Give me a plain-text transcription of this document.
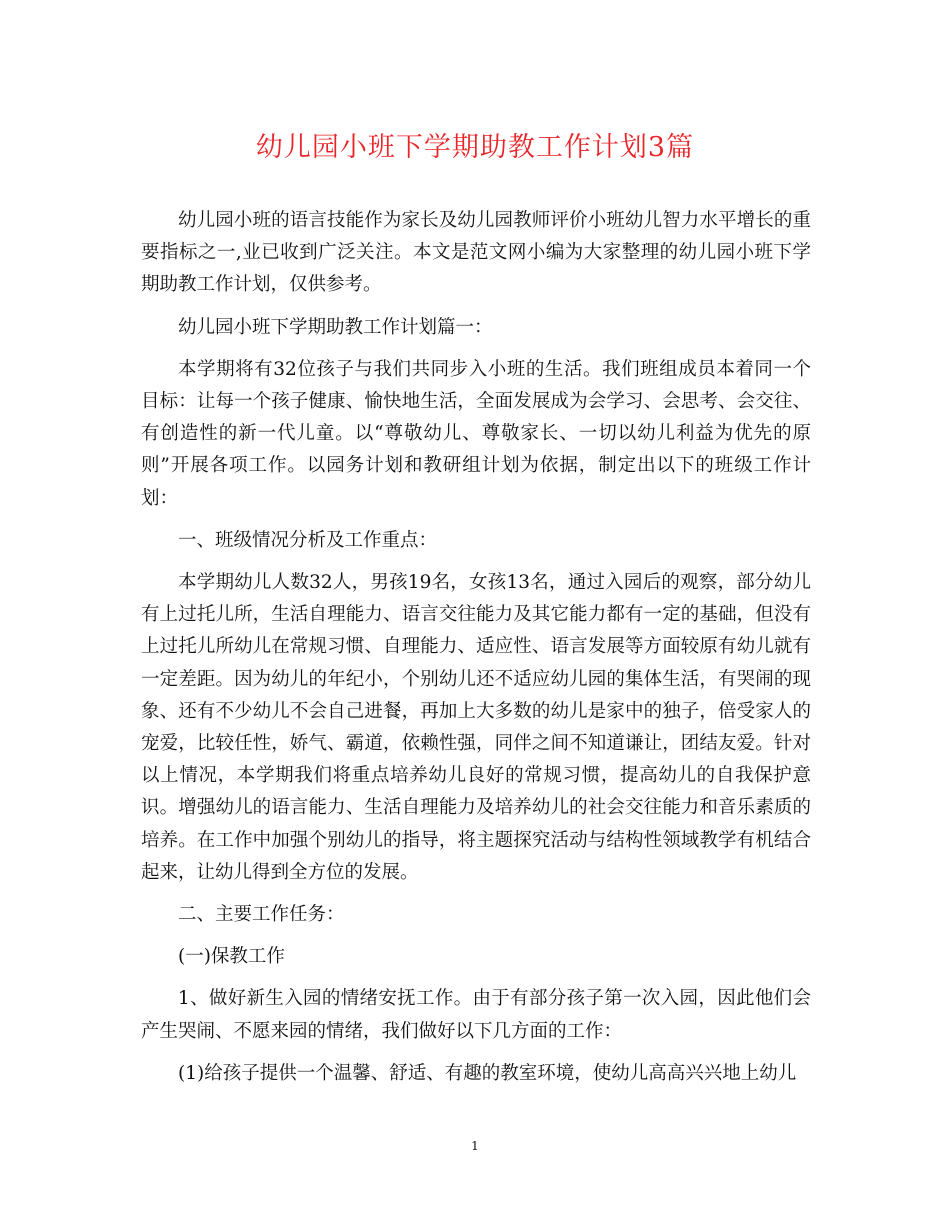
幼儿园小班下学期助教工作计划3篇

幼儿园小班的语言技能作为家长及幼儿园教师评价小班幼儿智力水平增长的重要指标之一,业已收到广泛关注。本文是范文网小编为大家整理的幼儿园小班下学期助教工作计划，仅供参考。

幼儿园小班下学期助教工作计划篇一：

本学期将有32位孩子与我们共同步入小班的生活。我们班组成员本着同一个目标：让每一个孩子健康、愉快地生活，全面发展成为会学习、会思考、会交往、有创造性的新一代儿童。以“尊敬幼儿、尊敬家长、一切以幼儿利益为优先的原则”开展各项工作。以园务计划和教研组计划为依据，制定出以下的班级工作计划：

一、班级情况分析及工作重点：

本学期幼儿人数32人，男孩19名，女孩13名，通过入园后的观察，部分幼儿有上过托儿所，生活自理能力、语言交往能力及其它能力都有一定的基础，但没有上过托儿所幼儿在常规习惯、自理能力、适应性、语言发展等方面较原有幼儿就有一定差距。因为幼儿的年纪小，个别幼儿还不适应幼儿园的集体生活，有哭闹的现象、还有不少幼儿不会自己进餐，再加上大多数的幼儿是家中的独子，倍受家人的宠爱，比较任性，娇气、霸道，依赖性强，同伴之间不知道谦让，团结友爱。针对以上情况，本学期我们将重点培养幼儿良好的常规习惯，提高幼儿的自我保护意识。增强幼儿的语言能力、生活自理能力及培养幼儿的社会交往能力和音乐素质的培养。在工作中加强个别幼儿的指导，将主题探究活动与结构性领域教学有机结合起来，让幼儿得到全方位的发展。

二、主要工作任务：

(一)保教工作

1、做好新生入园的情绪安抚工作。由于有部分孩子第一次入园，因此他们会产生哭闹、不愿来园的情绪，我们做好以下几方面的工作：

(1)给孩子提供一个温馨、舒适、有趣的教室环境，使幼儿高高兴兴地上幼儿

1
